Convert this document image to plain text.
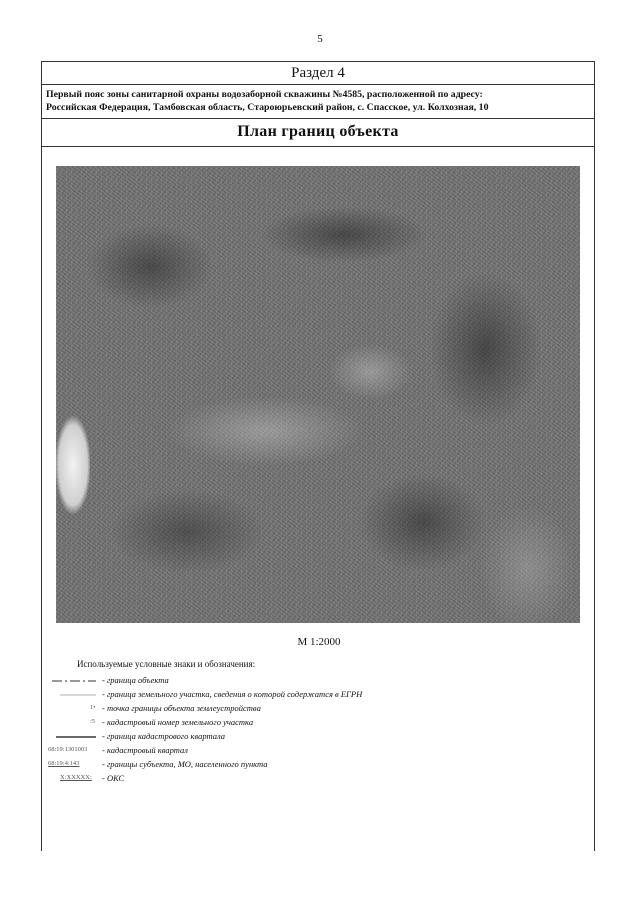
5
Раздел 4
Первый пояс зоны санитарной охраны водозаборной скважины №4585, расположенной по адресу:
Российская Федерация, Тамбовская область, Староюрьевский район, с. Спасское, ул. Колхозная, 10
План границ объекта
М 1:2000
Используемые условные знаки и обозначения:
- граница объекта
- граница земельного участка, сведения о которой содержатся в ЕГРН
1• - точка границы объекта землеустройства
:5 - кадастровый номер земельного участка
- граница кадастрового квартала
68:19:1301003 - кадастровый квартал
68:19:4:143	- границы субъекта, МО, населенного пункта
Х:ХХХХХ: - ОКС
